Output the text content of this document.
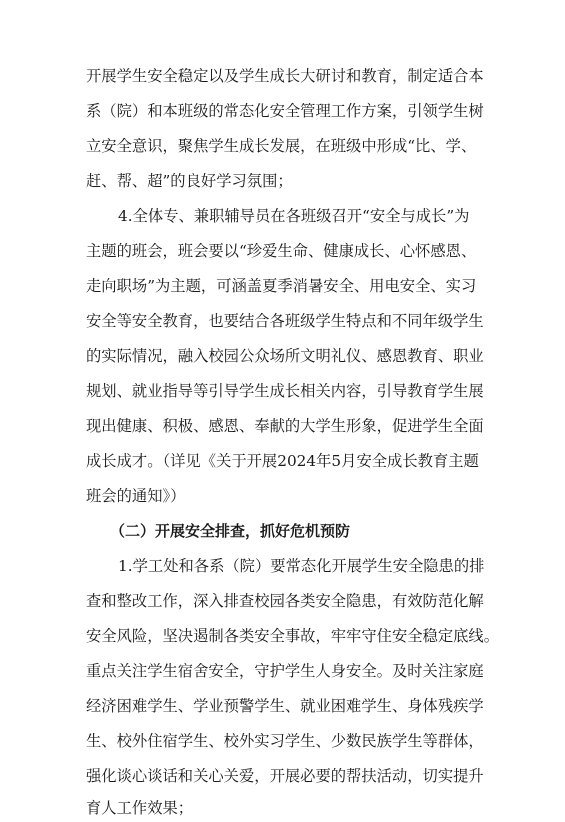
开展学生安全稳定以及学生成长大研讨和教育，制定适合本
系（院）和本班级的常态化安全管理工作方案，引领学生树
立安全意识，聚焦学生成长发展，在班级中形成“比、学、
赶、帮、超”的良好学习氛围；
4.全体专、兼职辅导员在各班级召开“安全与成长”为
主题的班会，班会要以“珍爱生命、健康成长、心怀感恩、
走向职场”为主题，可涵盖夏季消暑安全、用电安全、实习
安全等安全教育，也要结合各班级学生特点和不同年级学生
的实际情况，融入校园公众场所文明礼仪、感恩教育、职业
规划、就业指导等引导学生成长相关内容，引导教育学生展
现出健康、积极、感恩、奉献的大学生形象，促进学生全面
成长成才。（详见《关于开展2024年5月安全成长教育主题
班会的通知》）
（二）开展安全排查，抓好危机预防
1.学工处和各系（院）要常态化开展学生安全隐患的排
查和整改工作，深入排查校园各类安全隐患，有效防范化解
安全风险，坚决遏制各类安全事故，牢牢守住安全稳定底线。
重点关注学生宿舍安全，守护学生人身安全。及时关注家庭
经济困难学生、学业预警学生、就业困难学生、身体残疾学
生、校外住宿学生、校外实习学生、少数民族学生等群体，
强化谈心谈话和关心关爱，开展必要的帮扶活动，切实提升
育人工作效果；
